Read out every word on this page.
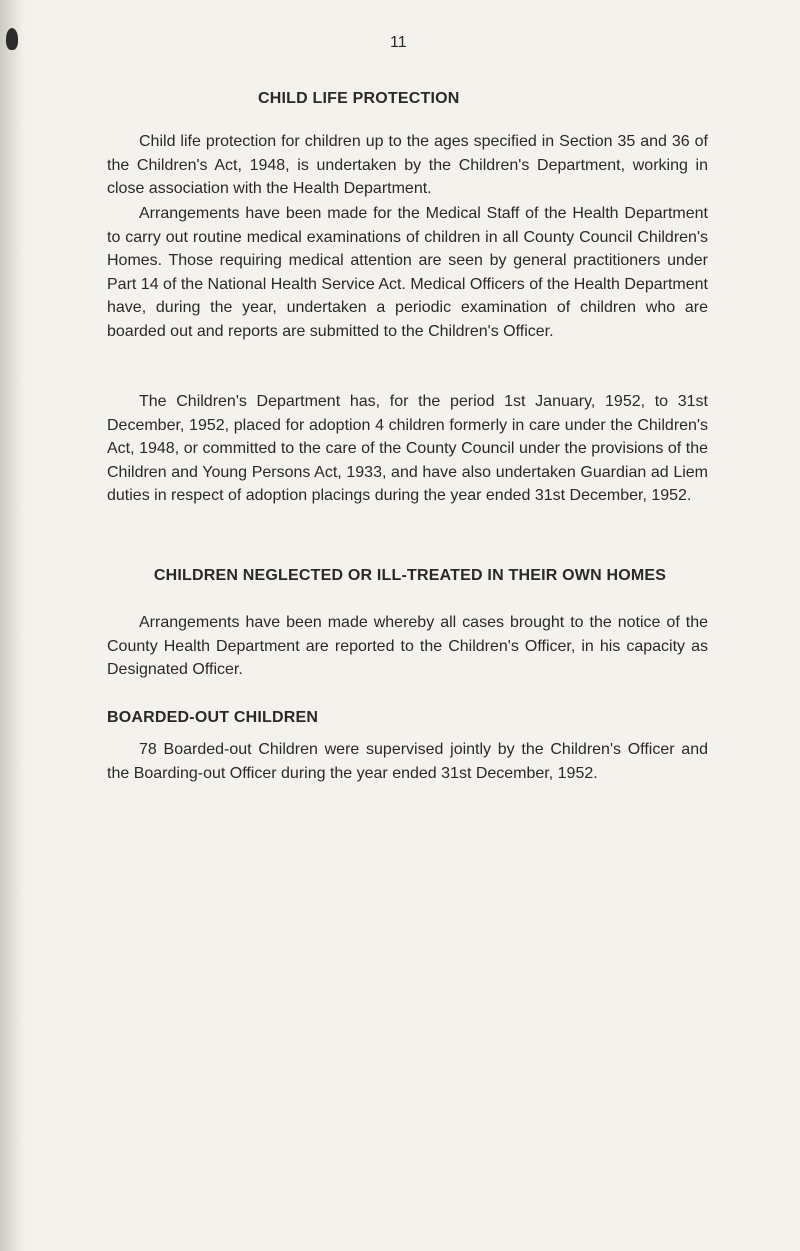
11
CHILD LIFE PROTECTION

Child life protection for children up to the ages specified in Section 35 and 36 of the Children's Act, 1948, is undertaken by the Children's Department, working in close association with the Health Department.

Arrangements have been made for the Medical Staff of the Health Department to carry out routine medical examinations of children in all County Council Children's Homes. Those requiring medical attention are seen by general practitioners under Part 14 of the National Health Service Act. Medical Officers of the Health Department have, during the year, undertaken a periodic examination of children who are boarded out and reports are submitted to the Children's Officer.

The Children's Department has, for the period 1st January, 1952, to 31st December, 1952, placed for adoption 4 children formerly in care under the Children's Act, 1948, or committed to the care of the County Council under the provisions of the Children and Young Persons Act, 1933, and have also undertaken Guardian ad Liem duties in respect of adoption placings during the year ended 31st December, 1952.

CHILDREN NEGLECTED OR ILL-TREATED IN THEIR OWN HOMES

Arrangements have been made whereby all cases brought to the notice of the County Health Department are reported to the Children's Officer, in his capacity as Designated Officer.

BOARDED-OUT CHILDREN

78 Boarded-out Children were supervised jointly by the Children's Officer and the Boarding-out Officer during the year ended 31st December, 1952.
